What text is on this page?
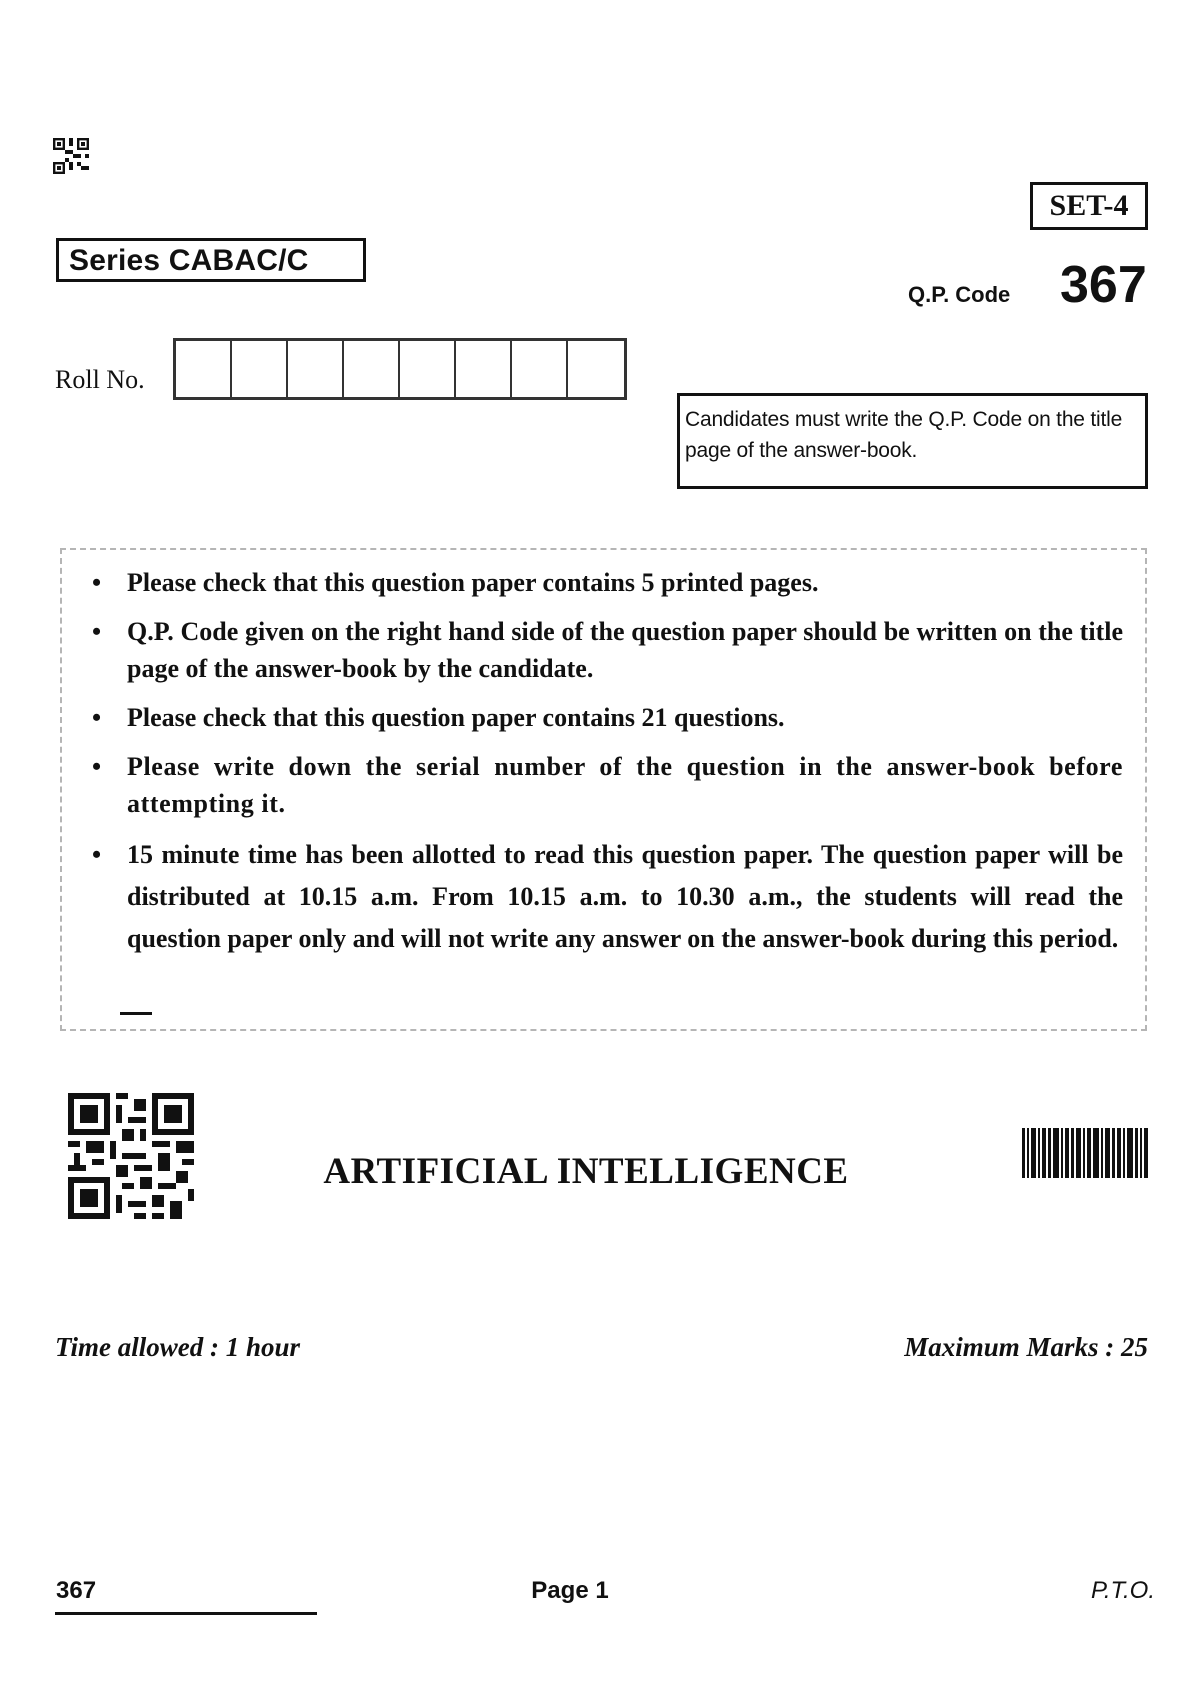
SET-4
Series CABAC/C
Q.P. Code 367
Roll No.
Candidates must write the Q.P. Code on the title page of the answer-book.
• Please check that this question paper contains 5 printed pages.
• Q.P. Code given on the right hand side of the question paper should be written on the title page of the answer-book by the candidate.
• Please check that this question paper contains 21 questions.
• Please write down the serial number of the question in the answer-book before attempting it.
• 15 minute time has been allotted to read this question paper. The question paper will be distributed at 10.15 a.m. From 10.15 a.m. to 10.30 a.m., the students will read the question paper only and will not write any answer on the answer-book during this period.
ARTIFICIAL INTELLIGENCE
Time allowed : 1 hour	Maximum Marks : 25
367	Page 1	P.T.O.
